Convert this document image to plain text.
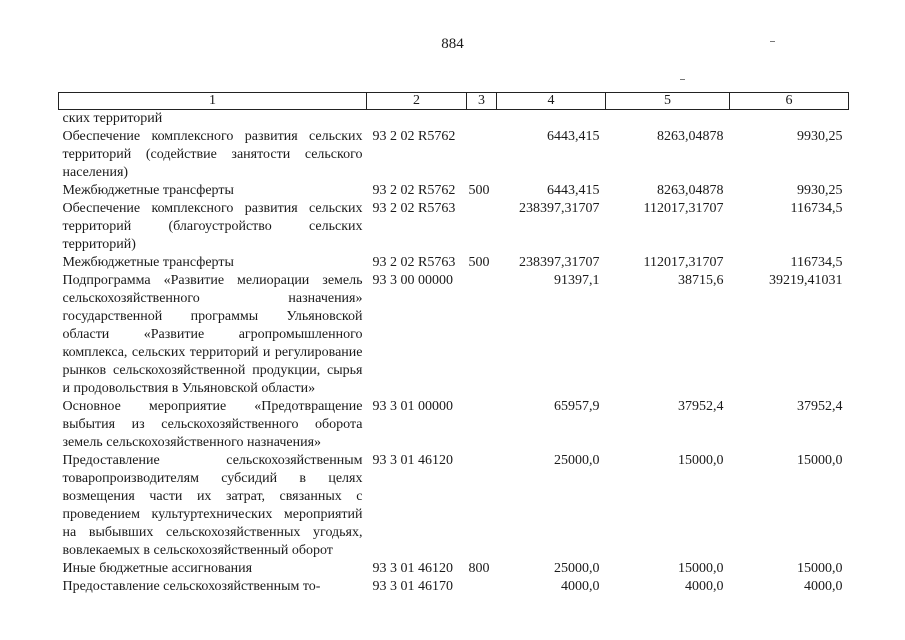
884
1	2	3	4	5	6
ских территорий					
Обеспечение комплексного развития сельских территорий (содействие занятости сельского населения)	93 2 02 R5762		6443,415	8263,04878	9930,25
Межбюджетные трансферты	93 2 02 R5762	500	6443,415	8263,04878	9930,25
Обеспечение комплексного развития сельских территорий (благоустройство сельских территорий)	93 2 02 R5763		238397,31707	112017,31707	116734,5
Межбюджетные трансферты	93 2 02 R5763	500	238397,31707	112017,31707	116734,5
Подпрограмма «Развитие мелиорации земель сельскохозяйственного назначения» государственной программы Ульяновской области «Развитие агропромышленного комплекса, сельских территорий и регулирование рынков сельскохозяйственной продукции, сырья и продовольствия в Ульяновской области»	93 3 00 00000		91397,1	38715,6	39219,41031
Основное мероприятие «Предотвращение выбытия из сельскохозяйственного оборота земель сельскохозяйственного назначения»	93 3 01 00000		65957,9	37952,4	37952,4
Предоставление сельскохозяйственным товаропроизводителям субсидий в целях возмещения части их затрат, связанных с проведением культуртехнических мероприятий на выбывших сельскохозяйственных угодьях, вовлекаемых в сельскохозяйственный оборот	93 3 01 46120		25000,0	15000,0	15000,0
Иные бюджетные ассигнования	93 3 01 46120	800	25000,0	15000,0	15000,0
Предоставление сельскохозяйственным то-	93 3 01 46170		4000,0	4000,0	4000,0
